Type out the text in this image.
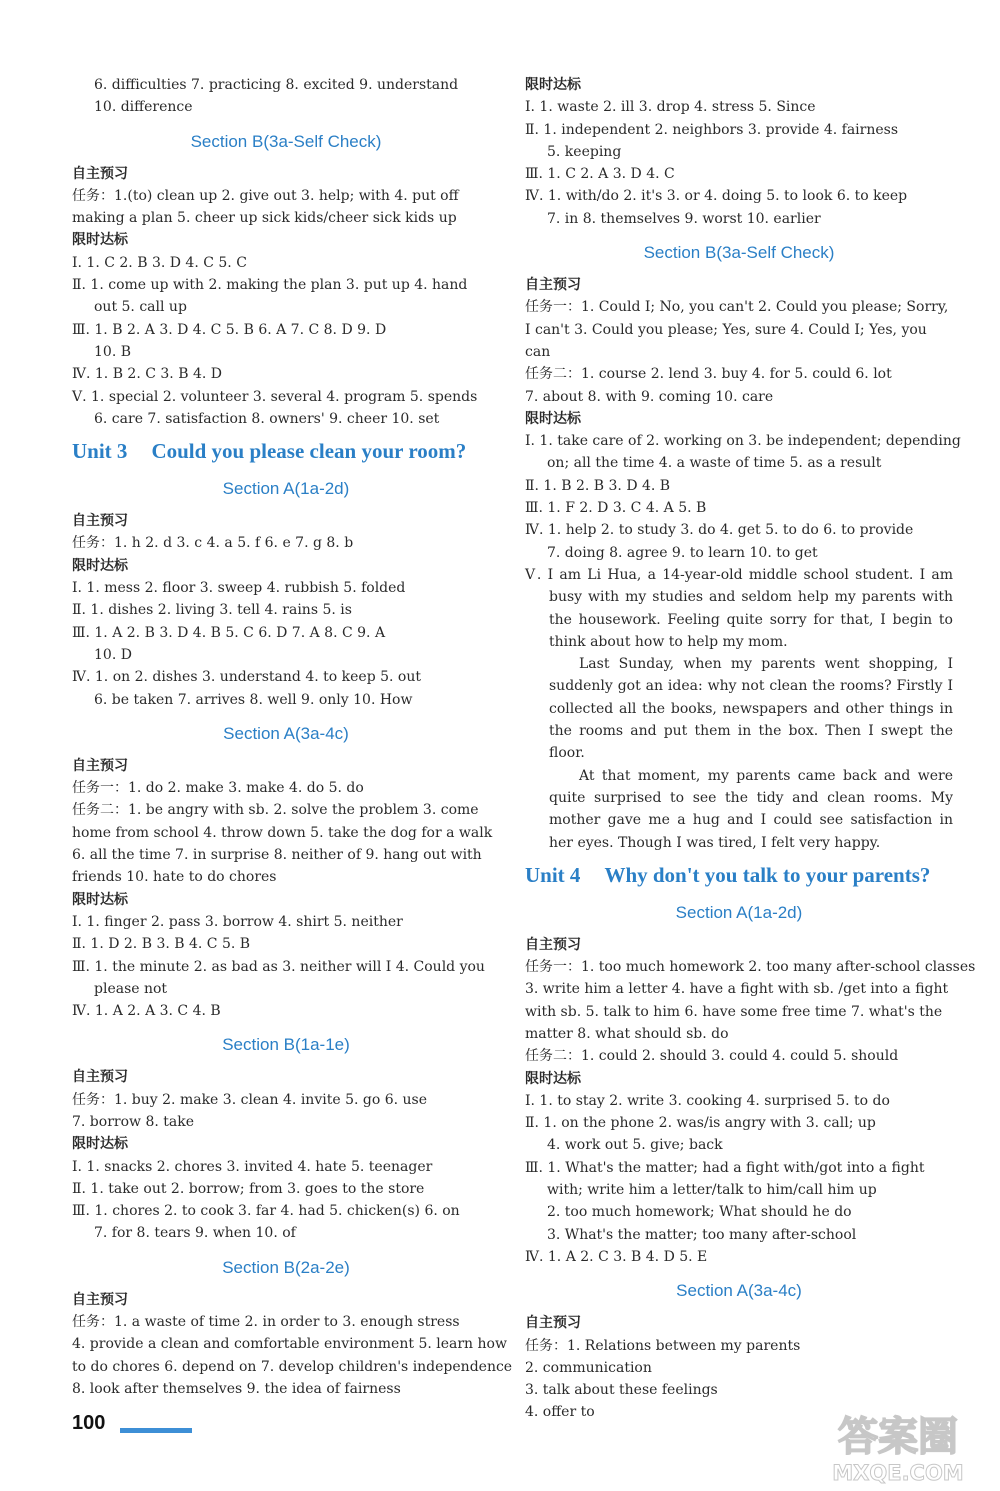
6. difficulties 7. practicing 8. excited 9. understand

10. difference

Section B(3a-Self Check)

自主预习

任务：1.(to) clean up 2. give out 3. help; with 4. put off

making a plan 5. cheer up sick kids/cheer sick kids up

限时达标

Ⅰ. 1. C 2. B 3. D 4. C 5. C

Ⅱ. 1. come up with 2. making the plan 3. put up 4. hand

out 5. call up

Ⅲ. 1. B 2. A 3. D 4. C 5. B 6. A 7. C 8. D 9. D

10. B

Ⅳ. 1. B 2. C 3. B 4. D

Ⅴ. 1. special 2. volunteer 3. several 4. program 5. spends

6. care 7. satisfaction 8. owners' 9. cheer 10. set

Unit 3 Could you please clean your room?
Section A(1a-2d)

自主预习

任务：1. h 2. d 3. c 4. a 5. f 6. e 7. g 8. b

限时达标

Ⅰ. 1. mess 2. floor 3. sweep 4. rubbish 5. folded

Ⅱ. 1. dishes 2. living 3. tell 4. rains 5. is

Ⅲ. 1. A 2. B 3. D 4. B 5. C 6. D 7. A 8. C 9. A

10. D

Ⅳ. 1. on 2. dishes 3. understand 4. to keep 5. out

6. be taken 7. arrives 8. well 9. only 10. How

Section A(3a-4c)

自主预习

任务一：1. do 2. make 3. make 4. do 5. do

任务二：1. be angry with sb. 2. solve the problem 3. come

home from school 4. throw down 5. take the dog for a walk

6. all the time 7. in surprise 8. neither of 9. hang out with

friends 10. hate to do chores

限时达标

Ⅰ. 1. finger 2. pass 3. borrow 4. shirt 5. neither

Ⅱ. 1. D 2. B 3. B 4. C 5. B

Ⅲ. 1. the minute 2. as bad as 3. neither will I 4. Could you

please not

Ⅳ. 1. A 2. A 3. C 4. B

Section B(1a-1e)

自主预习

任务：1. buy 2. make 3. clean 4. invite 5. go 6. use

7. borrow 8. take

限时达标

Ⅰ. 1. snacks 2. chores 3. invited 4. hate 5. teenager

Ⅱ. 1. take out 2. borrow; from 3. goes to the store

Ⅲ. 1. chores 2. to cook 3. far 4. had 5. chicken(s) 6. on

7. for 8. tears 9. when 10. of

Section B(2a-2e)

自主预习

任务：1. a waste of time 2. in order to 3. enough stress

4. provide a clean and comfortable environment 5. learn how

to do chores 6. depend on 7. develop children's independence

8. look after themselves 9. the idea of fairness

限时达标

Ⅰ. 1. waste 2. ill 3. drop 4. stress 5. Since

Ⅱ. 1. independent 2. neighbors 3. provide 4. fairness

5. keeping

Ⅲ. 1. C 2. A 3. D 4. C

Ⅳ. 1. with/do 2. it's 3. or 4. doing 5. to look 6. to keep

7. in 8. themselves 9. worst 10. earlier

Section B(3a-Self Check)

自主预习

任务一：1. Could I; No, you can't 2. Could you please; Sorry,

I can't 3. Could you please; Yes, sure 4. Could I; Yes, you

can

任务二：1. course 2. lend 3. buy 4. for 5. could 6. lot

7. about 8. with 9. coming 10. care

限时达标

Ⅰ. 1. take care of 2. working on 3. be independent; depending

on; all the time 4. a waste of time 5. as a result

Ⅱ. 1. B 2. B 3. D 4. B

Ⅲ. 1. F 2. D 3. C 4. A 5. B

Ⅳ. 1. help 2. to study 3. do 4. get 5. to do 6. to provide

7. doing 8. agree 9. to learn 10. to get

Ⅴ. I am Li Hua, a 14-year-old middle school student. I am busy with my studies and seldom help my parents with the housework. Feeling quite sorry for that, I begin to think about how to help my mom.

Last Sunday, when my parents went shopping, I suddenly got an idea: why not clean the rooms? Firstly I collected all the books, newspapers and other things in the rooms and put them in the box. Then I swept the floor.

At that moment, my parents came back and were quite surprised to see the tidy and clean rooms. My mother gave me a hug and I could see satisfaction in her eyes. Though I was tired, I felt very happy.

Unit 4 Why don't you talk to your parents?
Section A(1a-2d)

自主预习

任务一：1. too much homework 2. too many after-school classes

3. write him a letter 4. have a fight with sb. /get into a fight

with sb. 5. talk to him 6. have some free time 7. what's the

matter 8. what should sb. do

任务二：1. could 2. should 3. could 4. could 5. should

限时达标

Ⅰ. 1. to stay 2. write 3. cooking 4. surprised 5. to do

Ⅱ. 1. on the phone 2. was/is angry with 3. call; up

4. work out 5. give; back

Ⅲ. 1. What's the matter; had a fight with/got into a fight

with; write him a letter/talk to him/call him up

2. too much homework; What should he do

3. What's the matter; too many after-school

Ⅳ. 1. A 2. C 3. B 4. D 5. E

Section A(3a-4c)

自主预习

任务：1. Relations between my parents

2. communication

3. talk about these feelings

4. offer to

100	答案圈
MXQE.COM
